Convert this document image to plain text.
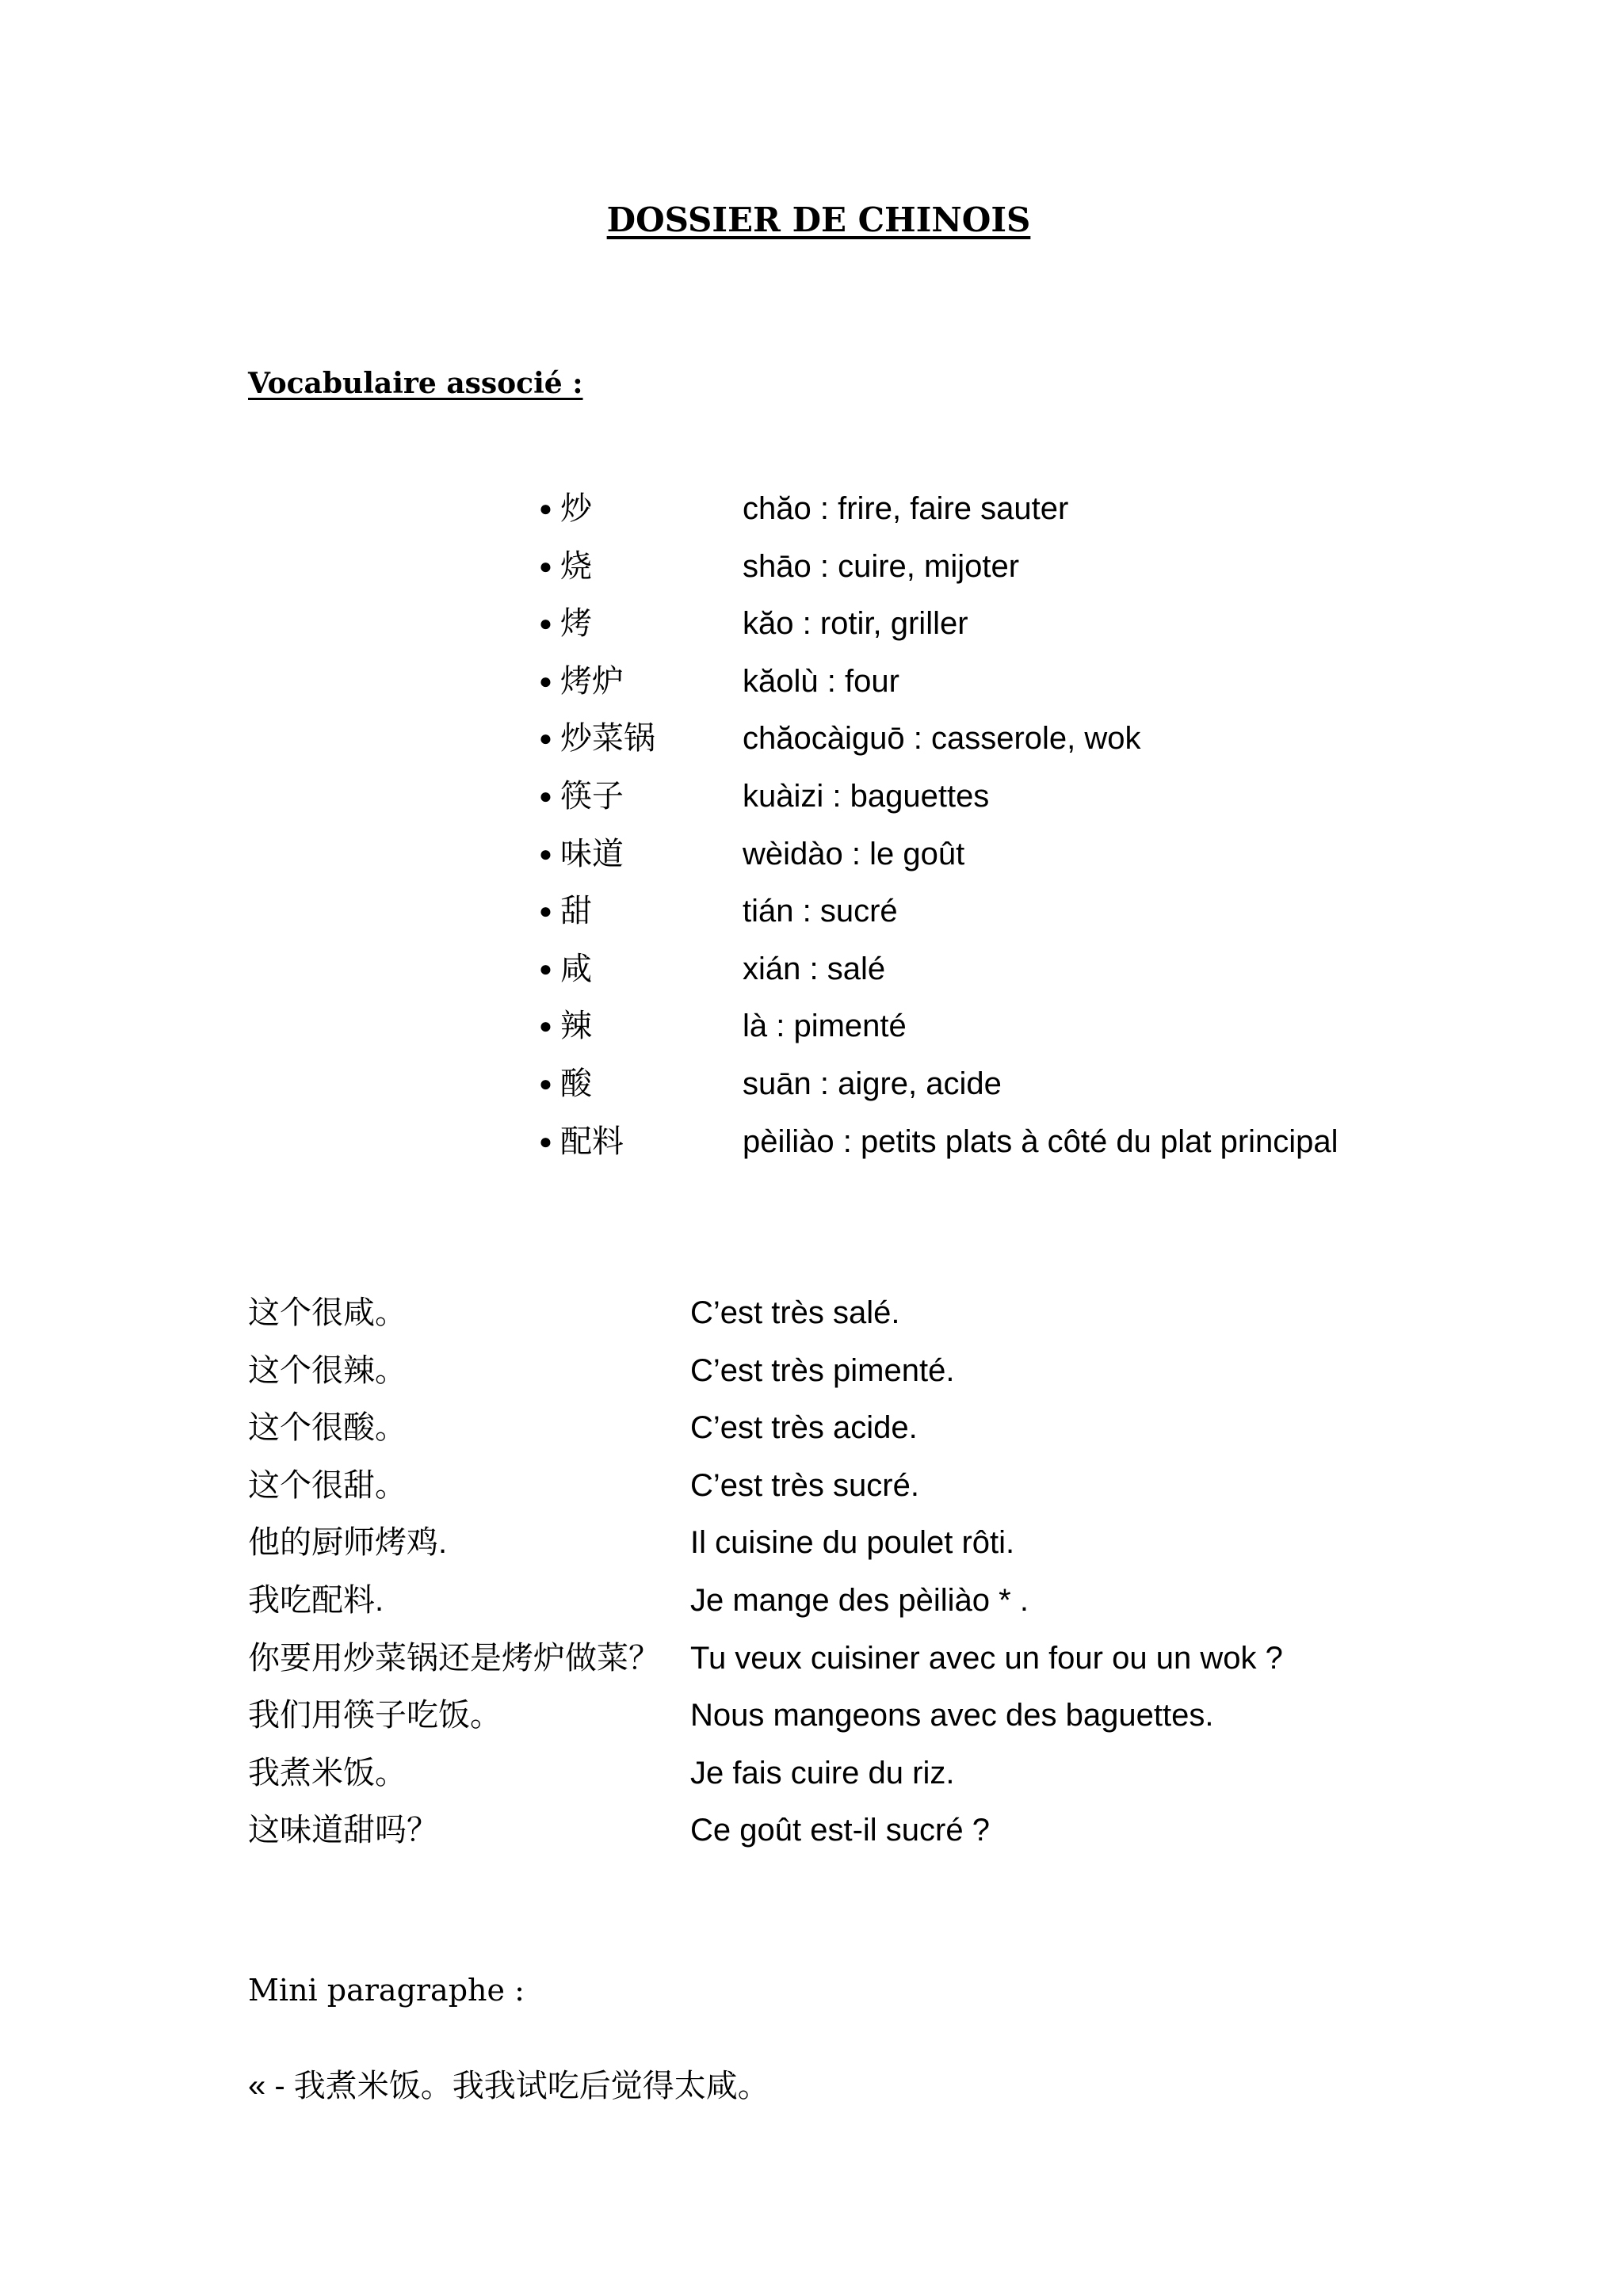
DOSSIER DE CHINOIS
Vocabulaire associé :
● 炒	chăo : frire, faire sauter
● 烧	shāo : cuire, mijoter
● 烤	kăo : rotir, griller
● 烤炉	kăolù : four
● 炒菜锅	chăocàiguō : casserole, wok
● 筷子	kuàizi : baguettes
● 味道	wèidào : le goût
● 甜	tián : sucré
● 咸	xián : salé
● 辣	là : pimenté
● 酸	suān : aigre, acide
● 配料	pèiliào : petits plats à côté du plat principal
这个很咸。	C’est très salé.
这个很辣。	C’est très pimenté.
这个很酸。	C’est très acide.
这个很甜。	C’est très sucré.
他的厨师烤鸡.	Il cuisine du poulet rôti.
我吃配料.	Je mange des pèiliào * .
你要用炒菜锅还是烤炉做菜？ Tu veux cuisiner avec un four ou un wok ?
我们用筷子吃饭。	Nous mangeons avec des baguettes.
我煮米饭。	Je fais cuire du riz.
这味道甜吗？	Ce goût est-il sucré ?
Mini paragraphe :
« - 我煮米饭。我我试吃后觉得太咸。
